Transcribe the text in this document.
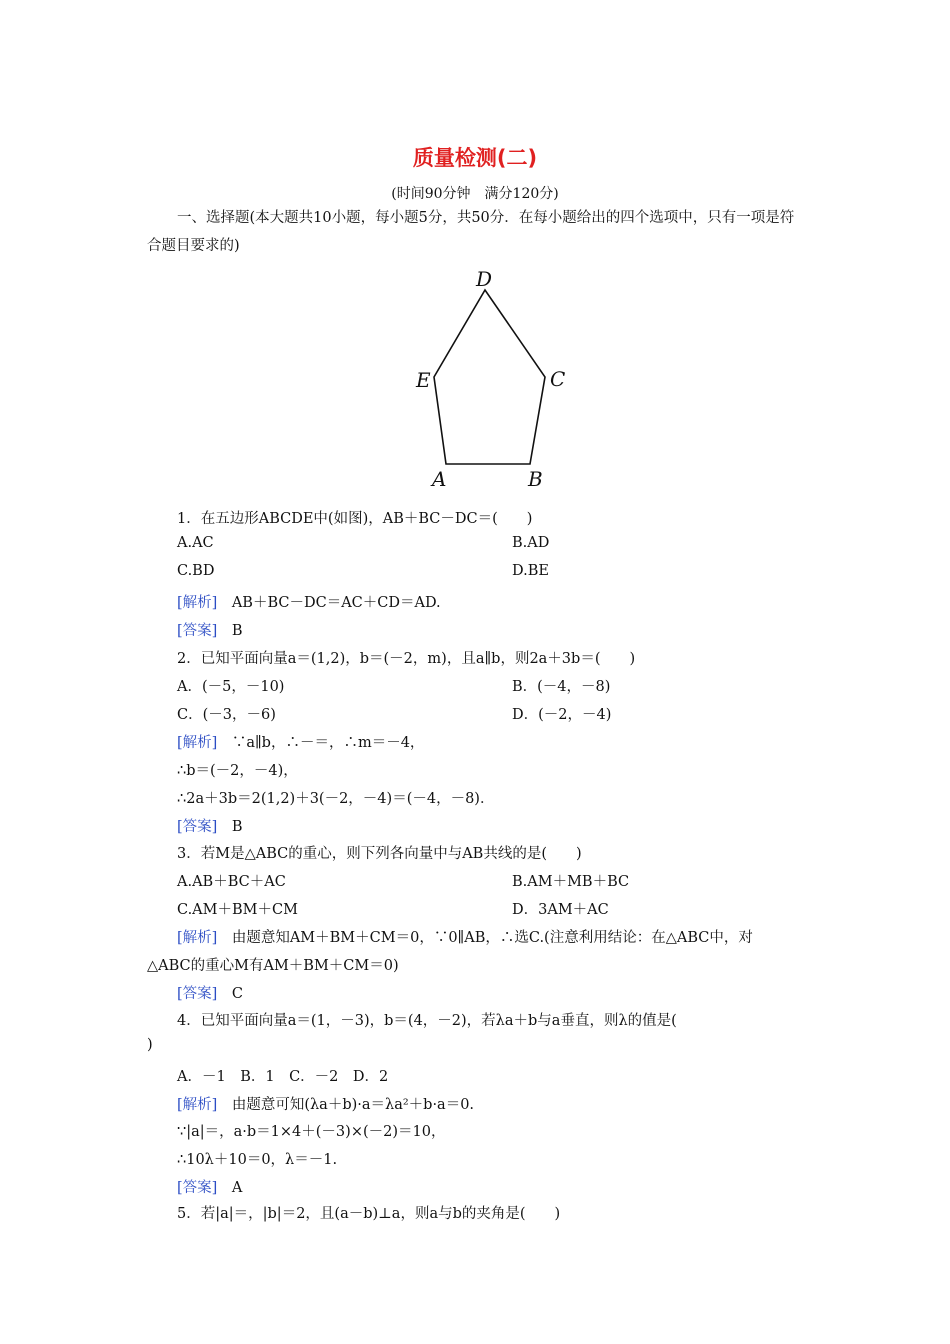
质量检测(二)
(时间90分钟　满分120分)
一、选择题(本大题共10小题，每小题5分，共50分．在每小题给出的四个选项中，只有一项是符合题目要求的)
D
E	C
A	B
1．在五边形ABCDE中(如图)，AB＋BC－DC＝(　　)
A.AC	B.AD
C.BD	D.BE
[解析]　 AB＋BC－DC＝AC＋CD＝AD.
[答案]　 B
2．已知平面向量a＝(1,2)，b＝(－2，m)，且a∥b，则2a＋3b＝(　　)
A．(－5，－10)	B．(－4，－8)
C．(－3，－6)	D．(－2，－4)
[解析]　 ∵a∥b，∴－＝，∴m＝－4，
∴b＝(－2，－4)，
∴2a＋3b＝2(1,2)＋3(－2，－4)＝(－4，－8)．
[答案]　 B
3．若M是△ABC的重心，则下列各向量中与AB共线的是(　　)
A.AB＋BC＋AC	B.AM＋MB＋BC
C.AM＋BM＋CM	D．3AM＋AC
[解析]　 由题意知AM＋BM＋CM＝0，∵0∥AB，∴选C.(注意利用结论：在△ABC中，对
△ABC的重心M有AM＋BM＋CM＝0)
[答案]　 C
4．已知平面向量a＝(1，－3)，b＝(4，－2)，若λa＋b与a垂直，则λ的值是(
)
A．－1　B．1　C．－2　D．2
[解析]　 由题意可知(λa＋b)·a＝λa²＋b·a＝0.
∵|a|＝，a·b＝1×4＋(－3)×(－2)＝10，
∴10λ＋10＝0，λ＝－1.
[答案]　 A
5．若|a|＝，|b|＝2，且(a－b)⊥a，则a与b的夹角是(　　)
